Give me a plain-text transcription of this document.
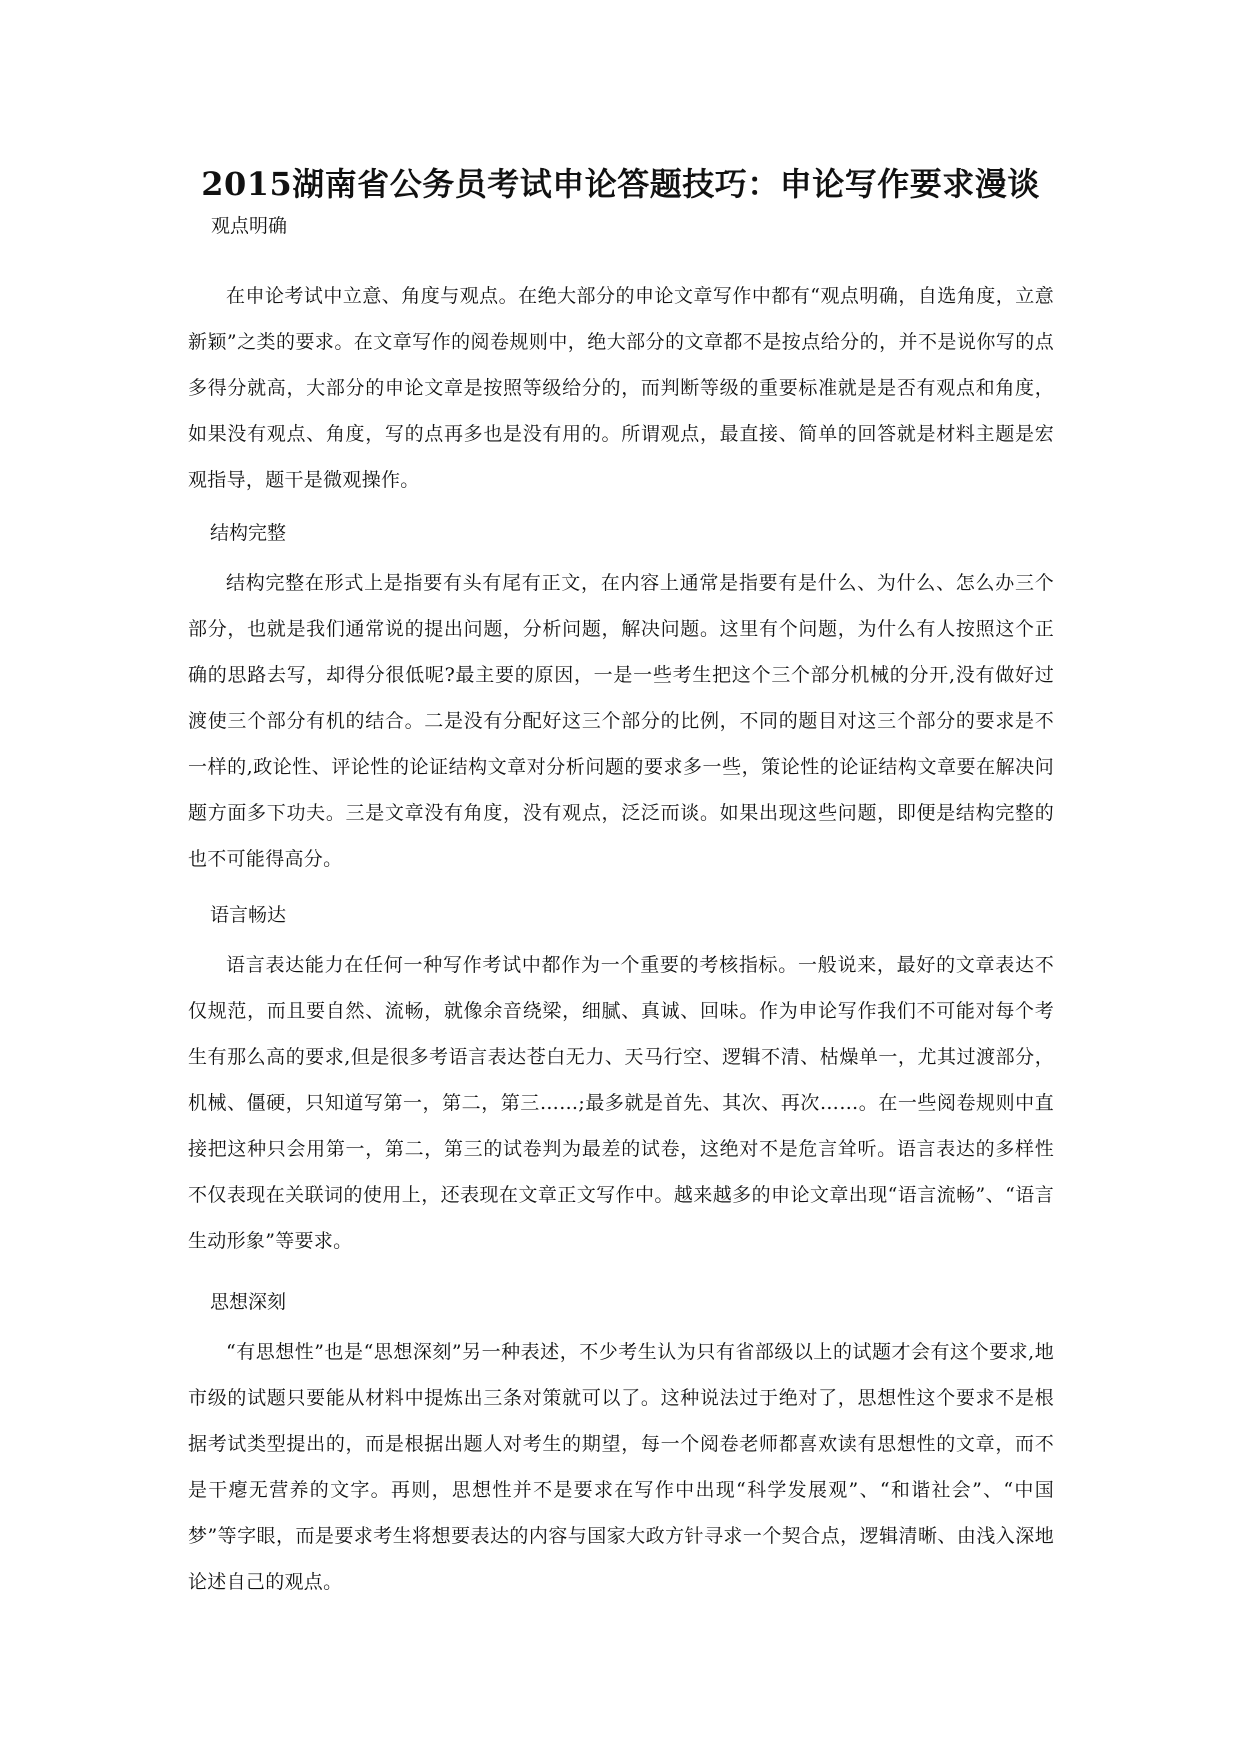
2015湖南省公务员考试申论答题技巧：申论写作要求漫谈

观点明确

在申论考试中立意、角度与观点。在绝大部分的申论文章写作中都有“观点明确，自选角度，立意新颖”之类的要求。在文章写作的阅卷规则中，绝大部分的文章都不是按点给分的，并不是说你写的点多得分就高，大部分的申论文章是按照等级给分的，而判断等级的重要标准就是是否有观点和角度，如果没有观点、角度，写的点再多也是没有用的。所谓观点，最直接、简单的回答就是材料主题是宏观指导，题干是微观操作。

结构完整

结构完整在形式上是指要有头有尾有正文，在内容上通常是指要有是什么、为什么、怎么办三个部分，也就是我们通常说的提出问题，分析问题，解决问题。这里有个问题，为什么有人按照这个正确的思路去写，却得分很低呢?最主要的原因，一是一些考生把这个三个部分机械的分开,没有做好过渡使三个部分有机的结合。二是没有分配好这三个部分的比例，不同的题目对这三个部分的要求是不一样的,政论性、评论性的论证结构文章对分析问题的要求多一些，策论性的论证结构文章要在解决问题方面多下功夫。三是文章没有角度，没有观点，泛泛而谈。如果出现这些问题，即便是结构完整的也不可能得高分。

语言畅达

语言表达能力在任何一种写作考试中都作为一个重要的考核指标。一般说来，最好的文章表达不仅规范，而且要自然、流畅，就像余音绕梁，细腻、真诚、回味。作为申论写作我们不可能对每个考生有那么高的要求,但是很多考语言表达苍白无力、天马行空、逻辑不清、枯燥单一，尤其过渡部分，机械、僵硬，只知道写第一，第二，第三……;最多就是首先、其次、再次……。在一些阅卷规则中直接把这种只会用第一，第二，第三的试卷判为最差的试卷，这绝对不是危言耸听。语言表达的多样性不仅表现在关联词的使用上，还表现在文章正文写作中。越来越多的申论文章出现“语言流畅”、“语言生动形象”等要求。

思想深刻

“有思想性”也是“思想深刻”另一种表述，不少考生认为只有省部级以上的试题才会有这个要求,地市级的试题只要能从材料中提炼出三条对策就可以了。这种说法过于绝对了，思想性这个要求不是根据考试类型提出的，而是根据出题人对考生的期望，每一个阅卷老师都喜欢读有思想性的文章，而不是干瘪无营养的文字。再则，思想性并不是要求在写作中出现“科学发展观”、“和谐社会”、“中国梦”等字眼，而是要求考生将想要表达的内容与国家大政方针寻求一个契合点，逻辑清晰、由浅入深地论述自己的观点。
